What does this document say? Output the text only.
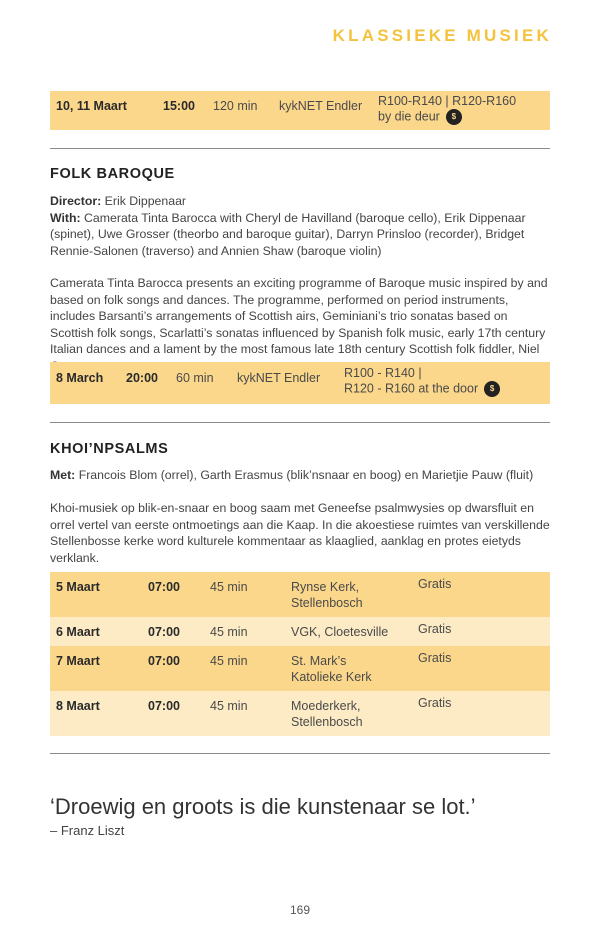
KLASSIEKE MUSIEK
10, 11 Maart	15:00 120 min kykNET Endler R100-R140 | R120-R160
by die deur $
FOLK BAROQUE

Director: Erik Dippenaar
With: Camerata Tinta Barocca with Cheryl de Havilland (baroque cello), Erik Dippenaar (spinet), Uwe Grosser (theorbo and baroque guitar), Darryn Prinsloo (recorder), Bridget Rennie-Salonen (traverso) and Annien Shaw (baroque violin)

Camerata Tinta Barocca presents an exciting programme of Baroque music inspired by and based on folk songs and dances. The programme, performed on period instruments, includes Barsanti’s arrangements of Scottish airs, Geminiani’s trio sonatas based on Scottish folk songs, Scarlatti’s sonatas influenced by Spanish folk music, early 17th century Italian dances and a lament by the most famous late 18th century Scottish folk fiddler, Niel

8 March 20:00 60 min kykNET Endler R100 - R140 |
R120 - R160 at the door $
KHOI’NPSALMS

Met: Francois Blom (orrel), Garth Erasmus (blik’nsnaar en boog) en Marietjie Pauw (fluit)

Khoi-musiek op blik-en-snaar en boog saam met Geneefse psalmwysies op dwarsfluit en orrel vertel van eerste ontmoetings aan die Kaap. In die akoestiese ruimtes van verskillende Stellenbosse kerke word kulturele kommentaar as klaaglied, aanklag en protes eietyds verklank.

5 Maart	07:00 45 min	Rynse Kerk,
Stellenbosch
Gratis
6 Maart	07:00 45 min	VGK, Cloetesville Gratis
7 Maart	07:00 45 min	St. Mark’s
Katolieke Kerk
Gratis
8 Maart	07:00 45 min	Moederkerk,
Stellenbosch
Gratis
‘Droewig en groots is die kunstenaar se lot.’
– Franz Liszt
169
